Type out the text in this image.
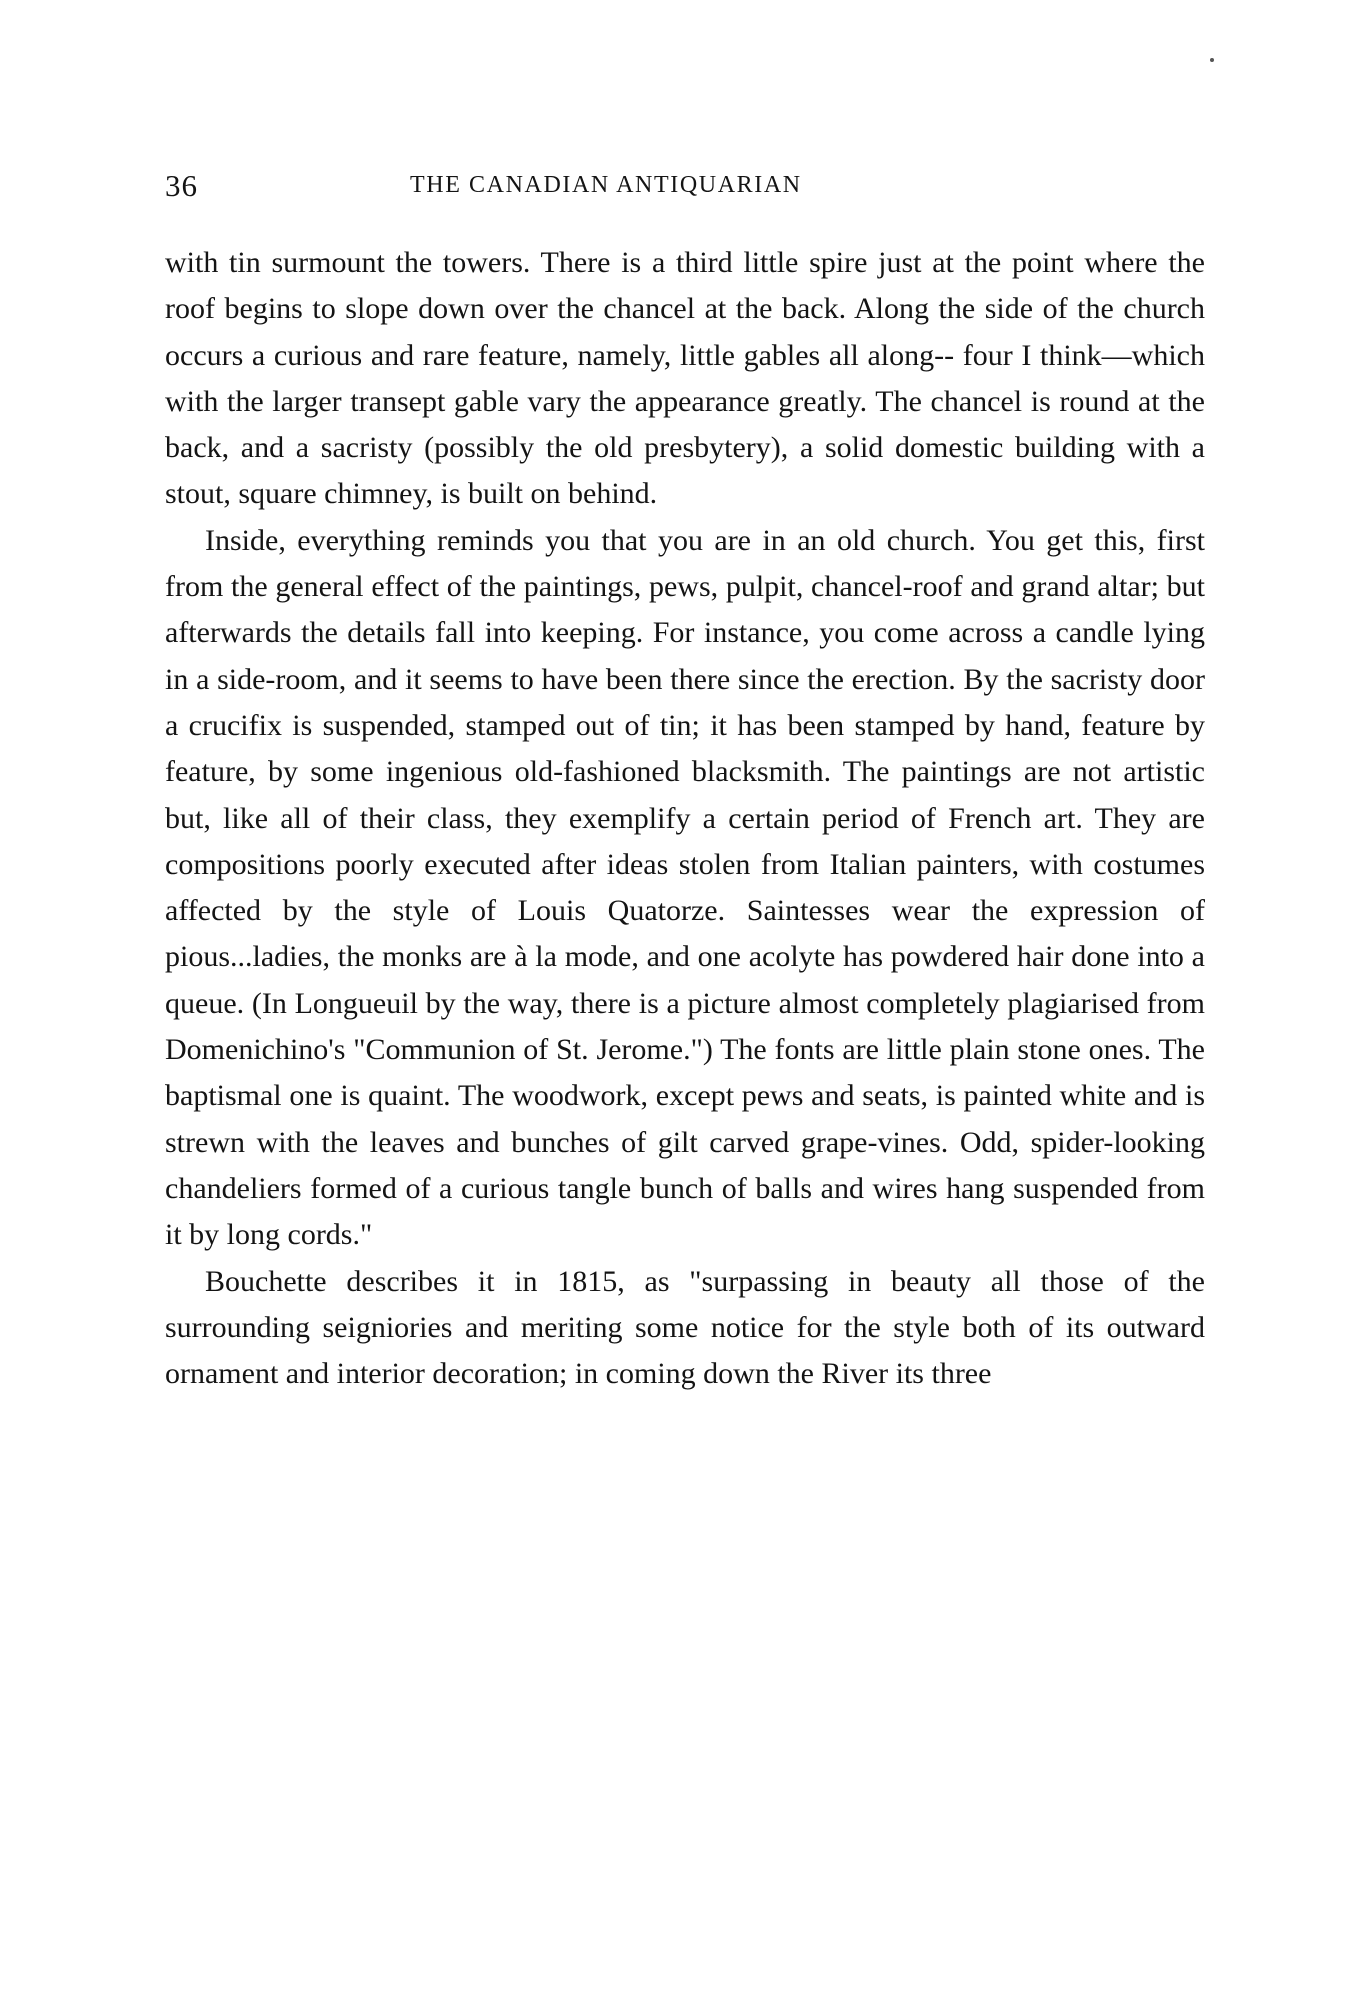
36	THE CANADIAN ANTIQUARIAN

with tin surmount the towers. There is a third little spire just at the point where the roof begins to slope down over the chancel at the back. Along the side of the church occurs a curious and rare feature, namely, little gables all along-- four I think—which with the larger transept gable vary the appearance greatly. The chancel is round at the back, and a sacristy (possibly the old presbytery), a solid domestic building with a stout, square chimney, is built on behind.

Inside, everything reminds you that you are in an old church. You get this, first from the general effect of the paintings, pews, pulpit, chancel-roof and grand altar; but afterwards the details fall into keeping. For instance, you come across a candle lying in a side-room, and it seems to have been there since the erection. By the sacristy door a crucifix is suspended, stamped out of tin; it has been stamped by hand, feature by feature, by some ingenious old-fashioned blacksmith. The paintings are not artistic but, like all of their class, they exemplify a certain period of French art. They are compositions poorly executed after ideas stolen from Italian painters, with costumes affected by the style of Louis Quatorze. Saintesses wear the expression of pious...ladies, the monks are à la mode, and one acolyte has powdered hair done into a queue. (In Longueuil by the way, there is a picture almost completely plagiarised from Domenichino's "Communion of St. Jerome.") The fonts are little plain stone ones. The baptismal one is quaint. The woodwork, except pews and seats, is painted white and is strewn with the leaves and bunches of gilt carved grape-vines. Odd, spider-looking chandeliers formed of a curious tangle bunch of balls and wires hang suspended from it by long cords."

Bouchette describes it in 1815, as "surpassing in beauty all those of the surrounding seigniories and meriting some notice for the style both of its outward ornament and interior decoration; in coming down the River its three
